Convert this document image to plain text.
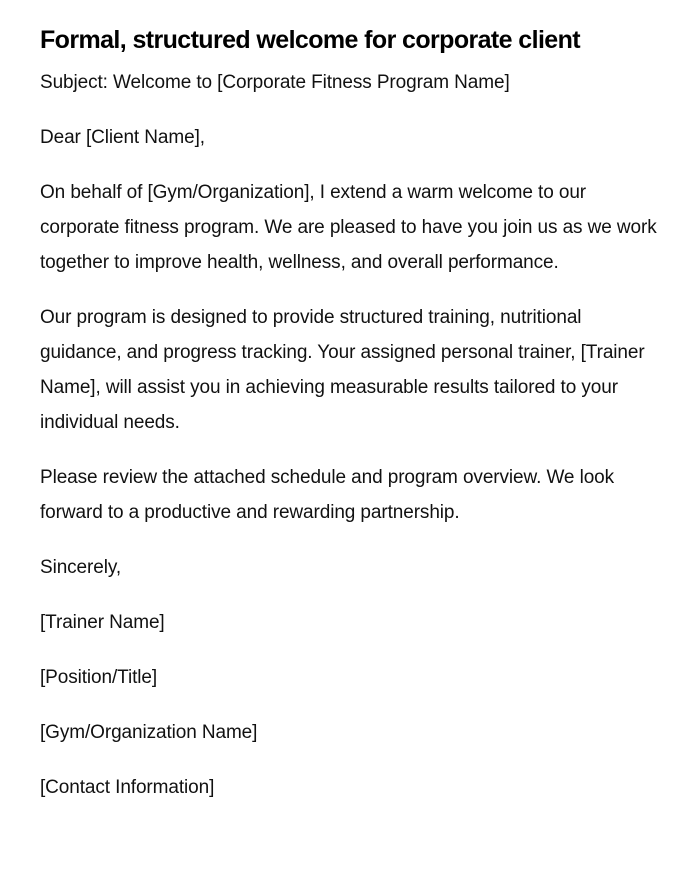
Formal, structured welcome for corporate client

Subject: Welcome to [Corporate Fitness Program Name]

Dear [Client Name],

On behalf of [Gym/Organization], I extend a warm welcome to our corporate fitness program. We are pleased to have you join us as we work together to improve health, wellness, and overall performance.

Our program is designed to provide structured training, nutritional guidance, and progress tracking. Your assigned personal trainer, [Trainer Name], will assist you in achieving measurable results tailored to your individual needs.

Please review the attached schedule and program overview. We look forward to a productive and rewarding partnership.

Sincerely,

[Trainer Name]

[Position/Title]

[Gym/Organization Name]

[Contact Information]
